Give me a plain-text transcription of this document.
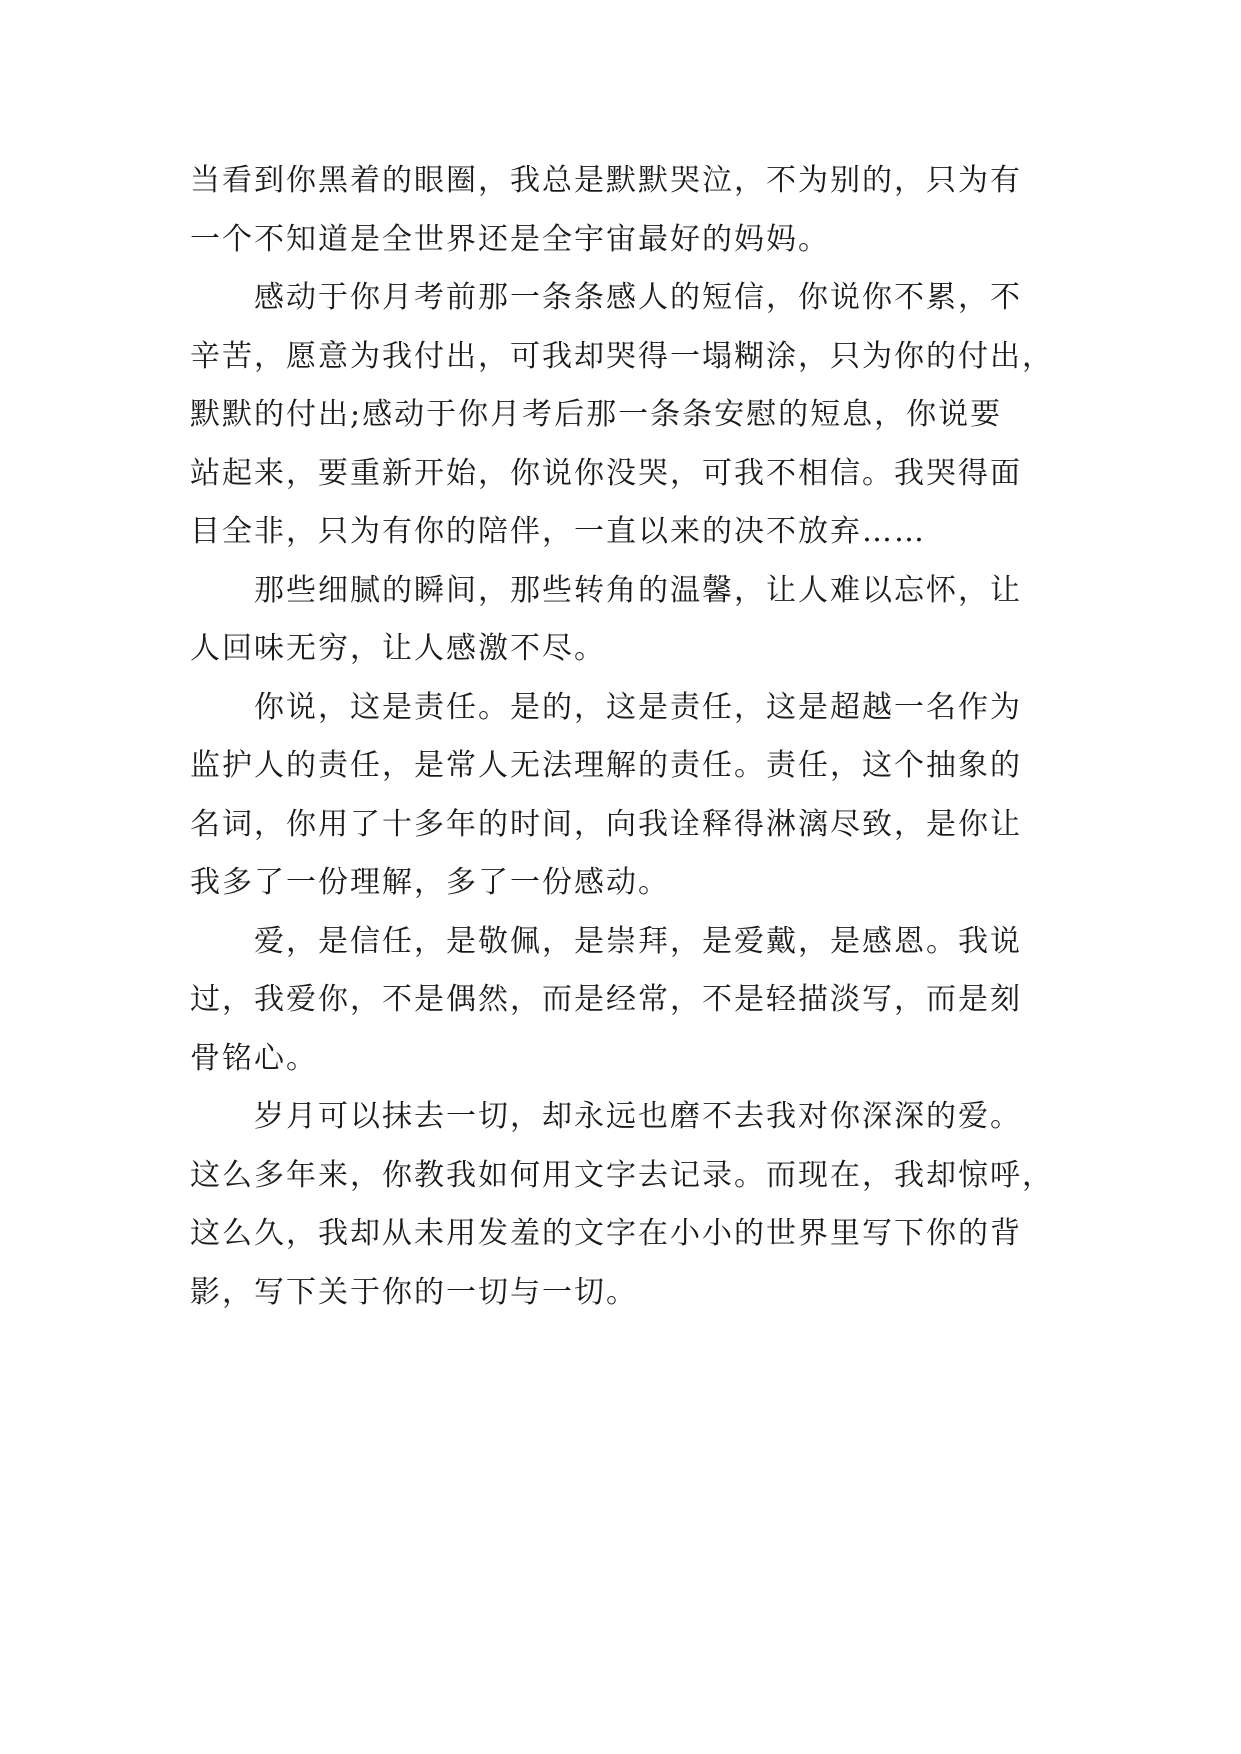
当看到你黑着的眼圈，我总是默默哭泣，不为别的，只为有
一个不知道是全世界还是全宇宙最好的妈妈。
感动于你月考前那一条条感人的短信，你说你不累，不
辛苦，愿意为我付出，可我却哭得一塌糊涂，只为你的付出，
默默的付出;感动于你月考后那一条条安慰的短息，你说要
站起来，要重新开始，你说你没哭，可我不相信。我哭得面
目全非，只为有你的陪伴，一直以来的决不放弃……
那些细腻的瞬间，那些转角的温馨，让人难以忘怀，让
人回味无穷，让人感激不尽。
你说，这是责任。是的，这是责任，这是超越一名作为
监护人的责任，是常人无法理解的责任。责任，这个抽象的
名词，你用了十多年的时间，向我诠释得淋漓尽致，是你让
我多了一份理解，多了一份感动。
爱，是信任，是敬佩，是崇拜，是爱戴，是感恩。我说
过，我爱你，不是偶然，而是经常，不是轻描淡写，而是刻
骨铭心。
岁月可以抹去一切，却永远也磨不去我对你深深的爱。
这么多年来，你教我如何用文字去记录。而现在，我却惊呼，
这么久，我却从未用发羞的文字在小小的世界里写下你的背
影，写下关于你的一切与一切。
